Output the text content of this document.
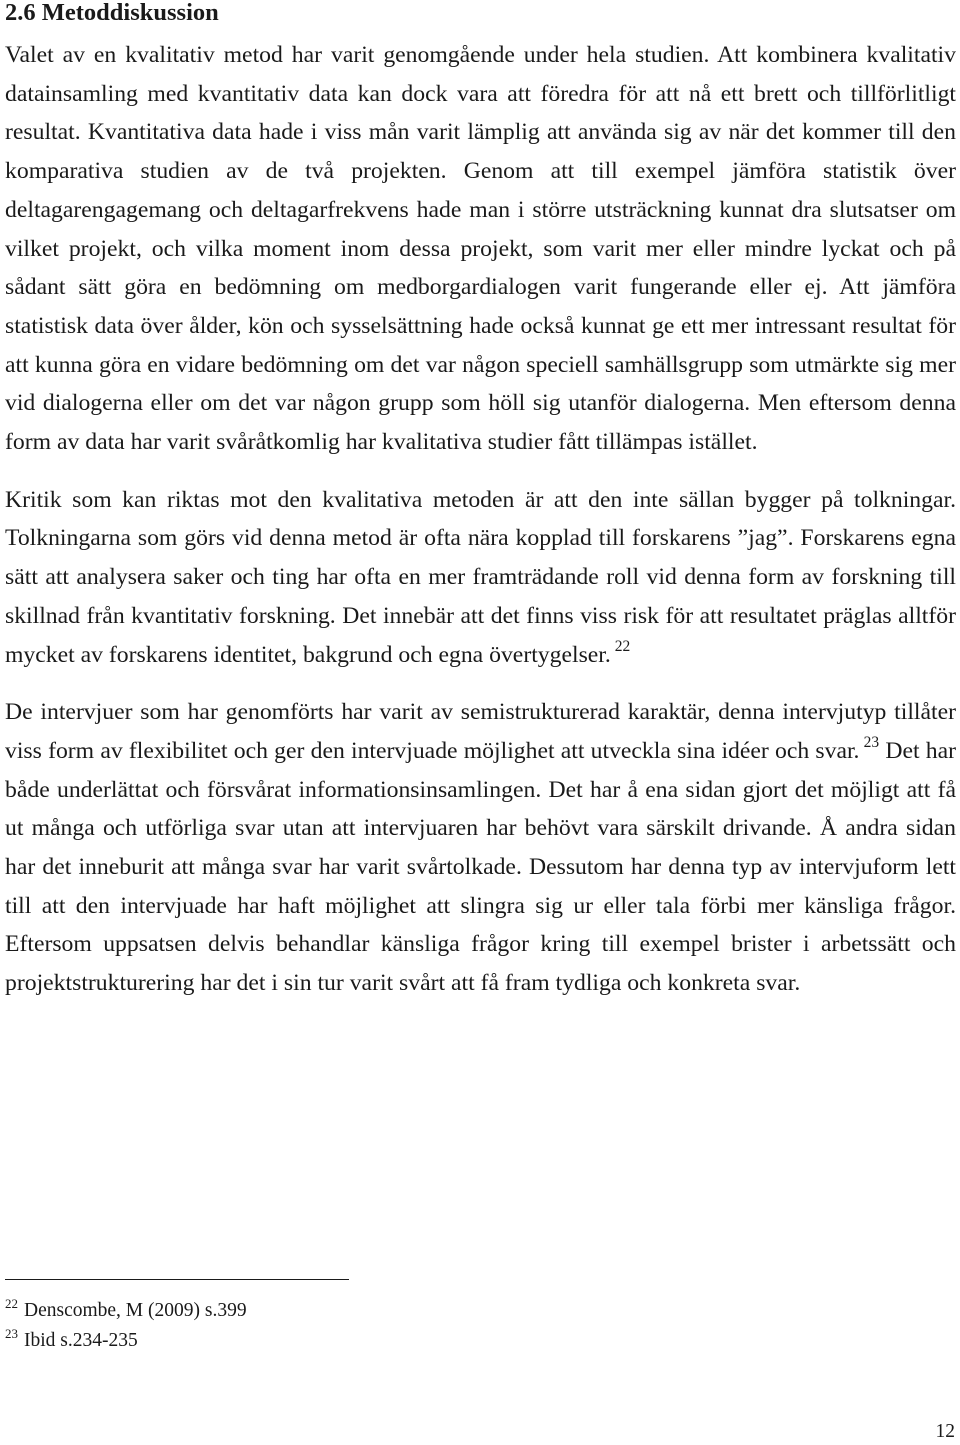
2.6 Metoddiskussion

Valet av en kvalitativ metod har varit genomgående under hela studien. Att kombinera kvalitativ datainsamling med kvantitativ data kan dock vara att föredra för att nå ett brett och tillförlitligt resultat. Kvantitativa data hade i viss mån varit lämplig att använda sig av när det kommer till den komparativa studien av de två projekten. Genom att till exempel jämföra statistik över deltagarengagemang och deltagarfrekvens hade man i större utsträckning kunnat dra slutsatser om vilket projekt, och vilka moment inom dessa projekt, som varit mer eller mindre lyckat och på sådant sätt göra en bedömning om medborgardialogen varit fungerande eller ej. Att jämföra statistisk data över ålder, kön och sysselsättning hade också kunnat ge ett mer intressant resultat för att kunna göra en vidare bedömning om det var någon speciell samhällsgrupp som utmärkte sig mer vid dialogerna eller om det var någon grupp som höll sig utanför dialogerna. Men eftersom denna form av data har varit svåråtkomlig har kvalitativa studier fått tillämpas istället.

Kritik som kan riktas mot den kvalitativa metoden är att den inte sällan bygger på tolkningar. Tolkningarna som görs vid denna metod är ofta nära kopplad till forskarens ”jag”. Forskarens egna sätt att analysera saker och ting har ofta en mer framträdande roll vid denna form av forskning till skillnad från kvantitativ forskning. Det innebär att det finns viss risk för att resultatet präglas alltför mycket av forskarens identitet, bakgrund och egna övertygelser. $^{22}$

De intervjuer som har genomförts har varit av semistrukturerad karaktär, denna intervjutyp tillåter viss form av flexibilitet och ger den intervjuade möjlighet att utveckla sina idéer och svar. $^{23}$ Det har både underlättat och försvårat informationsinsamlingen. Det har å ena sidan gjort det möjligt att få ut många och utförliga svar utan att intervjuaren har behövt vara särskilt drivande. Å andra sidan har det inneburit att många svar har varit svårtolkade. Dessutom har denna typ av intervjuform lett till att den intervjuade har haft möjlighet att slingra sig ur eller tala förbi mer känsliga frågor. Eftersom uppsatsen delvis behandlar känsliga frågor kring till exempel brister i arbetssätt och projektstrukturering har det i sin tur varit svårt att få fram tydliga och konkreta svar.

$^{22}$ Denscombe, M (2009) s.399
$^{23}$ Ibid s.234-235
12
